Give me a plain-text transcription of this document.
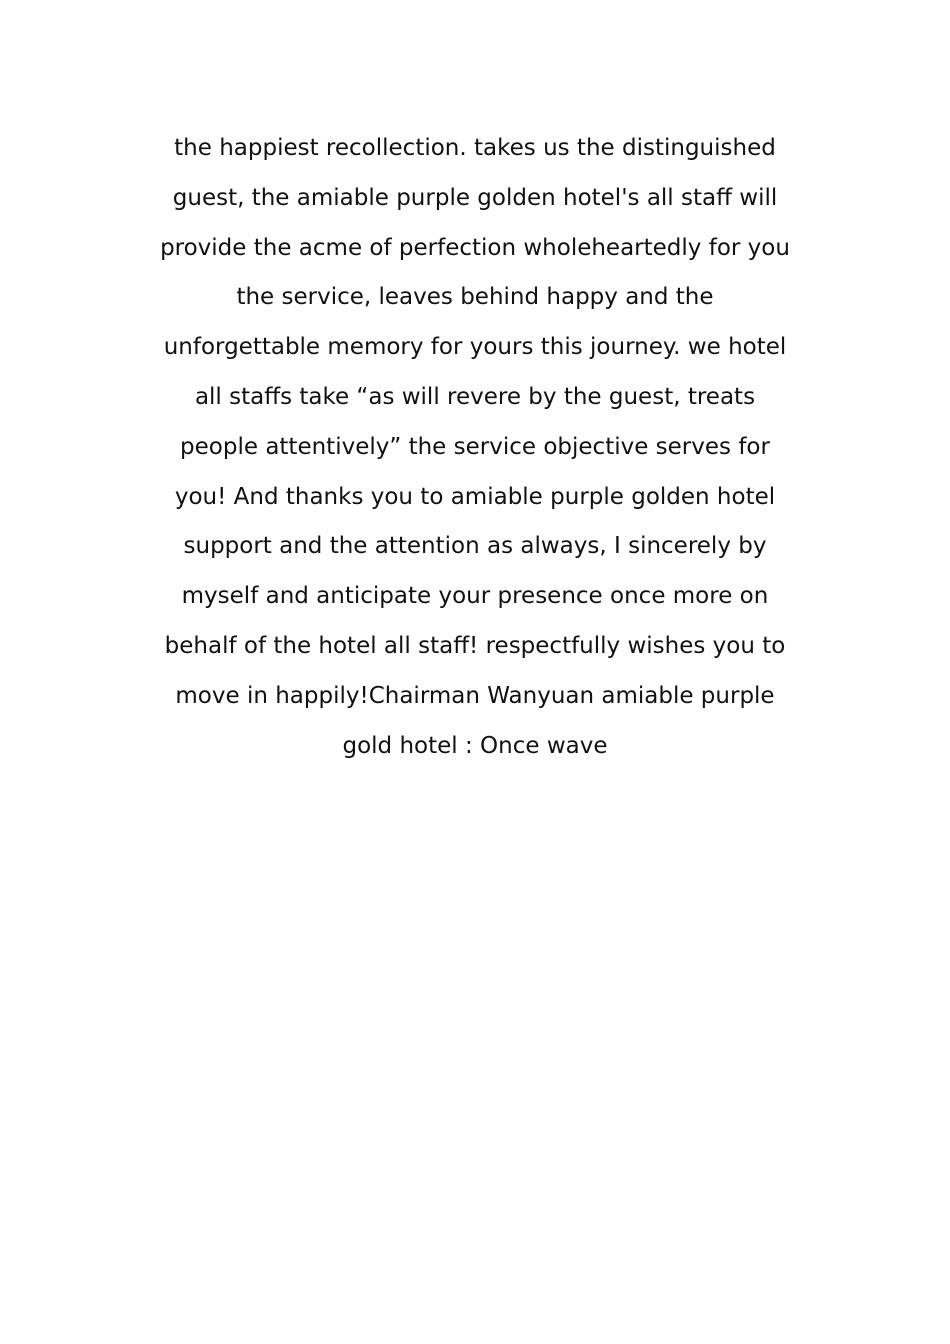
the happiest recollection. takes us the distinguished
guest, the amiable purple golden hotel's all staff will
provide the acme of perfection wholeheartedly for you
the service, leaves behind happy and the
unforgettable memory for yours this journey. we hotel
all staffs take “as will revere by the guest, treats
people attentively” the service objective serves for
you! And thanks you to amiable purple golden hotel
support and the attention as always, I sincerely by
myself and anticipate your presence once more on
behalf of the hotel all staff! respectfully wishes you to
move in happily!Chairman Wanyuan amiable purple
gold hotel : Once wave
